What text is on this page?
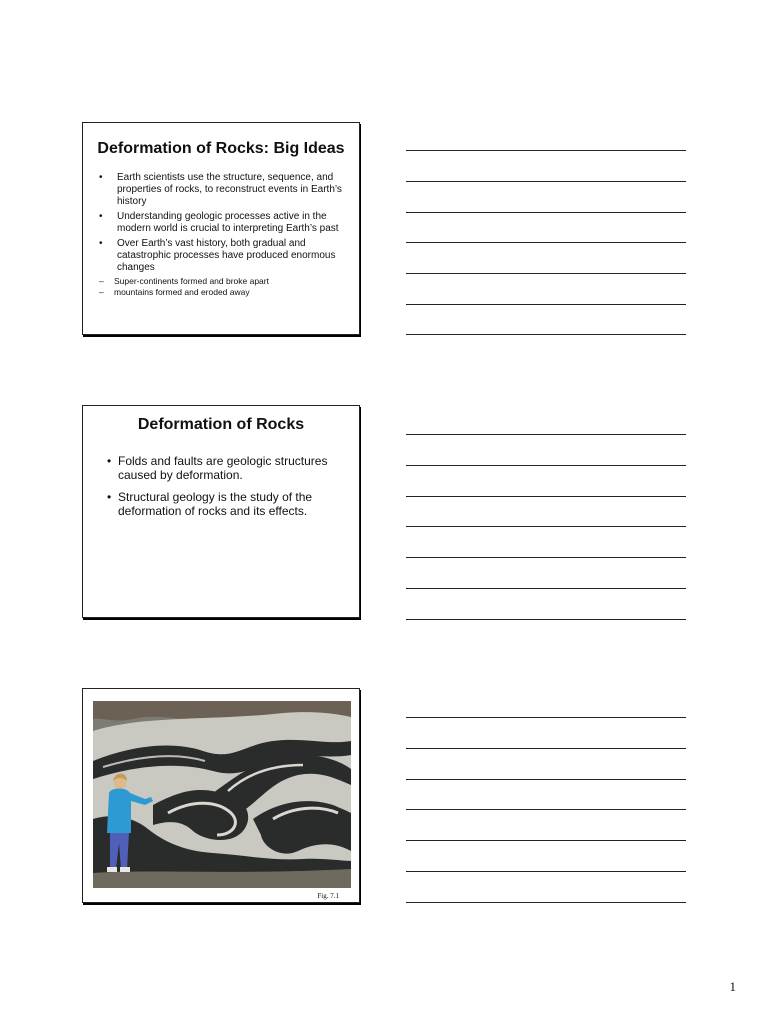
Deformation of Rocks: Big Ideas
• Earth scientists use the structure, sequence, and properties of rocks, to reconstruct events in Earth’s history
• Understanding geologic processes active in the modern world is crucial to interpreting Earth’s past
• Over Earth’s vast history, both gradual and catastrophic processes have produced enormous changes
– Super-continents formed and broke apart
– mountains formed and eroded away
Deformation of Rocks
• Folds and faults are geologic structures caused by deformation.
• Structural geology is the study of the deformation of rocks and its effects.
Fig. 7.1
1
